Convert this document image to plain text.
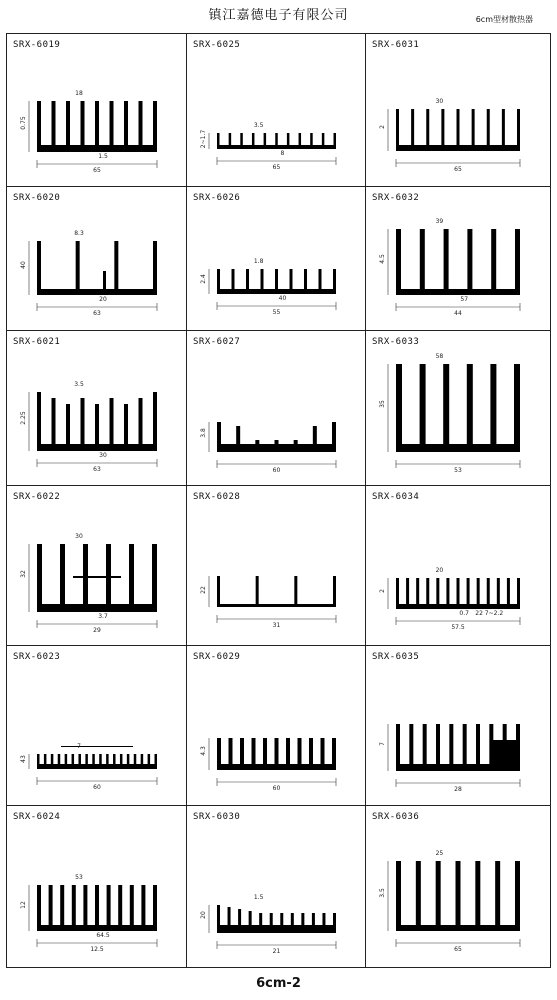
镇江嘉德电子有限公司	6cm型材散热器
65
0.75
18
1.5
SRX-6019
65
2~1.7
3.5
8
SRX-6025
65
2
30
SRX-6031
63
40
8.3
20
SRX-6020
55
2.4
1.8
40
SRX-6026
44
4.5
39
57
SRX-6032
63
2.25
3.5
30
SRX-6021
60
3.8
SRX-6027
53
35
58
SRX-6033
29
32
30
3.7
SRX-6022
31
22
SRX-6028
57.5
2
20
0.7 22 7~2.2
SRX-6034
60
43
7
SRX-6023
60
4.3
SRX-6029
28
7
SRX-6035
12.5
12
53
64.5
SRX-6024
21
20
1.5
SRX-6030
65
3.5
25
SRX-6036
6cm-2
